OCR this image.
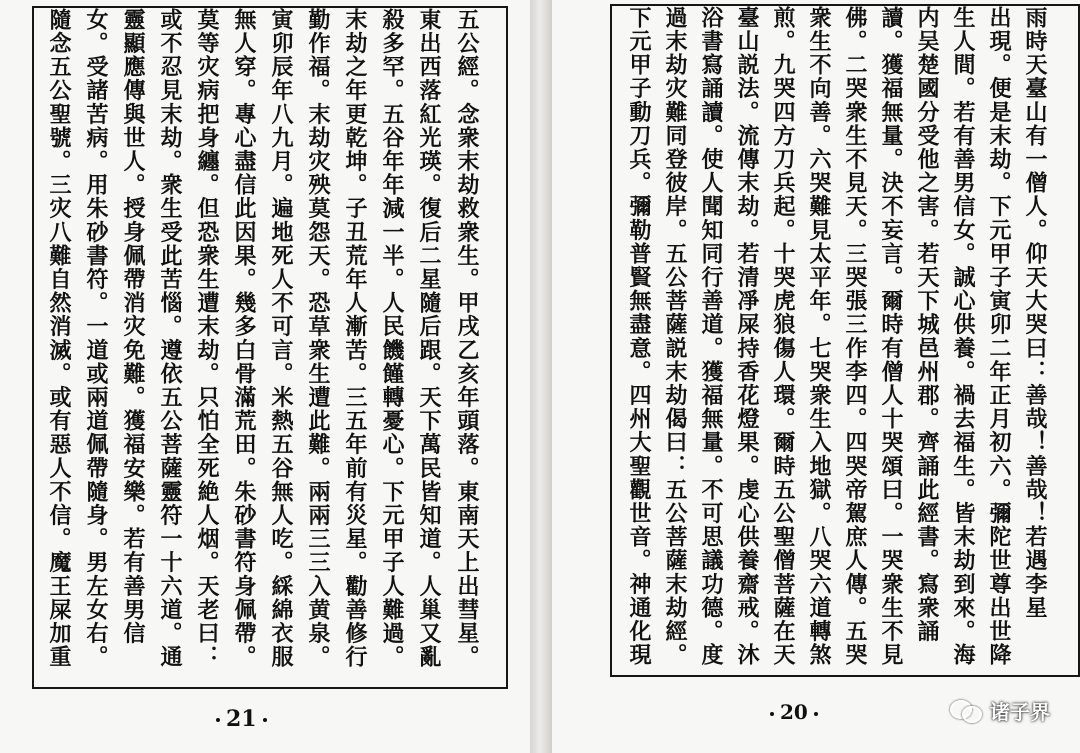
五公經。念衆末劫救衆生。甲戌乙亥年頭落。東南天上出彗星。
東出西落紅光瑛。復后二星隨后跟。天下萬民皆知道。人巢又亂
殺多罕。五谷年年減一半。人民饑饉轉憂心。下元甲子人難過。
末劫之年更乾坤。子丑荒年人漸苦。三五年前有災星。勸善修行
勤作福。末劫灾殃莫怨天。恐草衆生遭此難。兩兩三三入黄泉。
寅卯辰年八九月。遍地死人不可言。米熱五谷無人吃。綵綿衣服
無人穿。專心盡信此因果。幾多白骨滿荒田。朱砂書符身佩帶。
莫等灾病把身纏。但恐衆生遭末劫。只怕全死絶人烟。天老曰：
或不忍見末劫。衆生受此苦惱。遵依五公菩薩靈符一十六道。通
靈顯應傳與世人。授身佩帶消灾免難。獲福安樂。若有善男信
女。受諸苦病。用朱砂書符。一道或兩道佩帶隨身。男左女右。
隨念五公聖號。三灾八難自然消滅。或有惡人不信。魔王屎加重
21
雨時天臺山有一僧人。仰天大哭曰：善哉！善哉！若遇李星
出現。便是末劫。下元甲子寅卯二年正月初六。彌陀世尊出世降
生人間。若有善男信女。誠心供養。禍去福生。皆末劫到來。海
内吴楚國分受他之害。若天下城邑州郡。齊誦此經書。寫衆誦
讀。獲福無量。決不妄言。爾時有僧人十哭頌曰。一哭衆生不見
佛。二哭衆生不見天。三哭張三作李四。四哭帝駕庶人傳。五哭
衆生不向善。六哭難見太平年。七哭衆生入地獄。八哭六道轉煞
煎。九哭四方刀兵起。十哭虎狼傷人環。爾時五公聖僧菩薩在天
臺山説法。流傳末劫。若清凈屎持香花燈果。虔心供養齋戒。沐
浴書寫誦讀。使人聞知同行善道。獲福無量。不可思議功德。度
過末劫灾難同登彼岸。五公菩薩説末劫偈曰：五公菩薩末劫經。
下元甲子動刀兵。彌勒普賢無盡意。四州大聖觀世音。神通化現
20	诸子界
